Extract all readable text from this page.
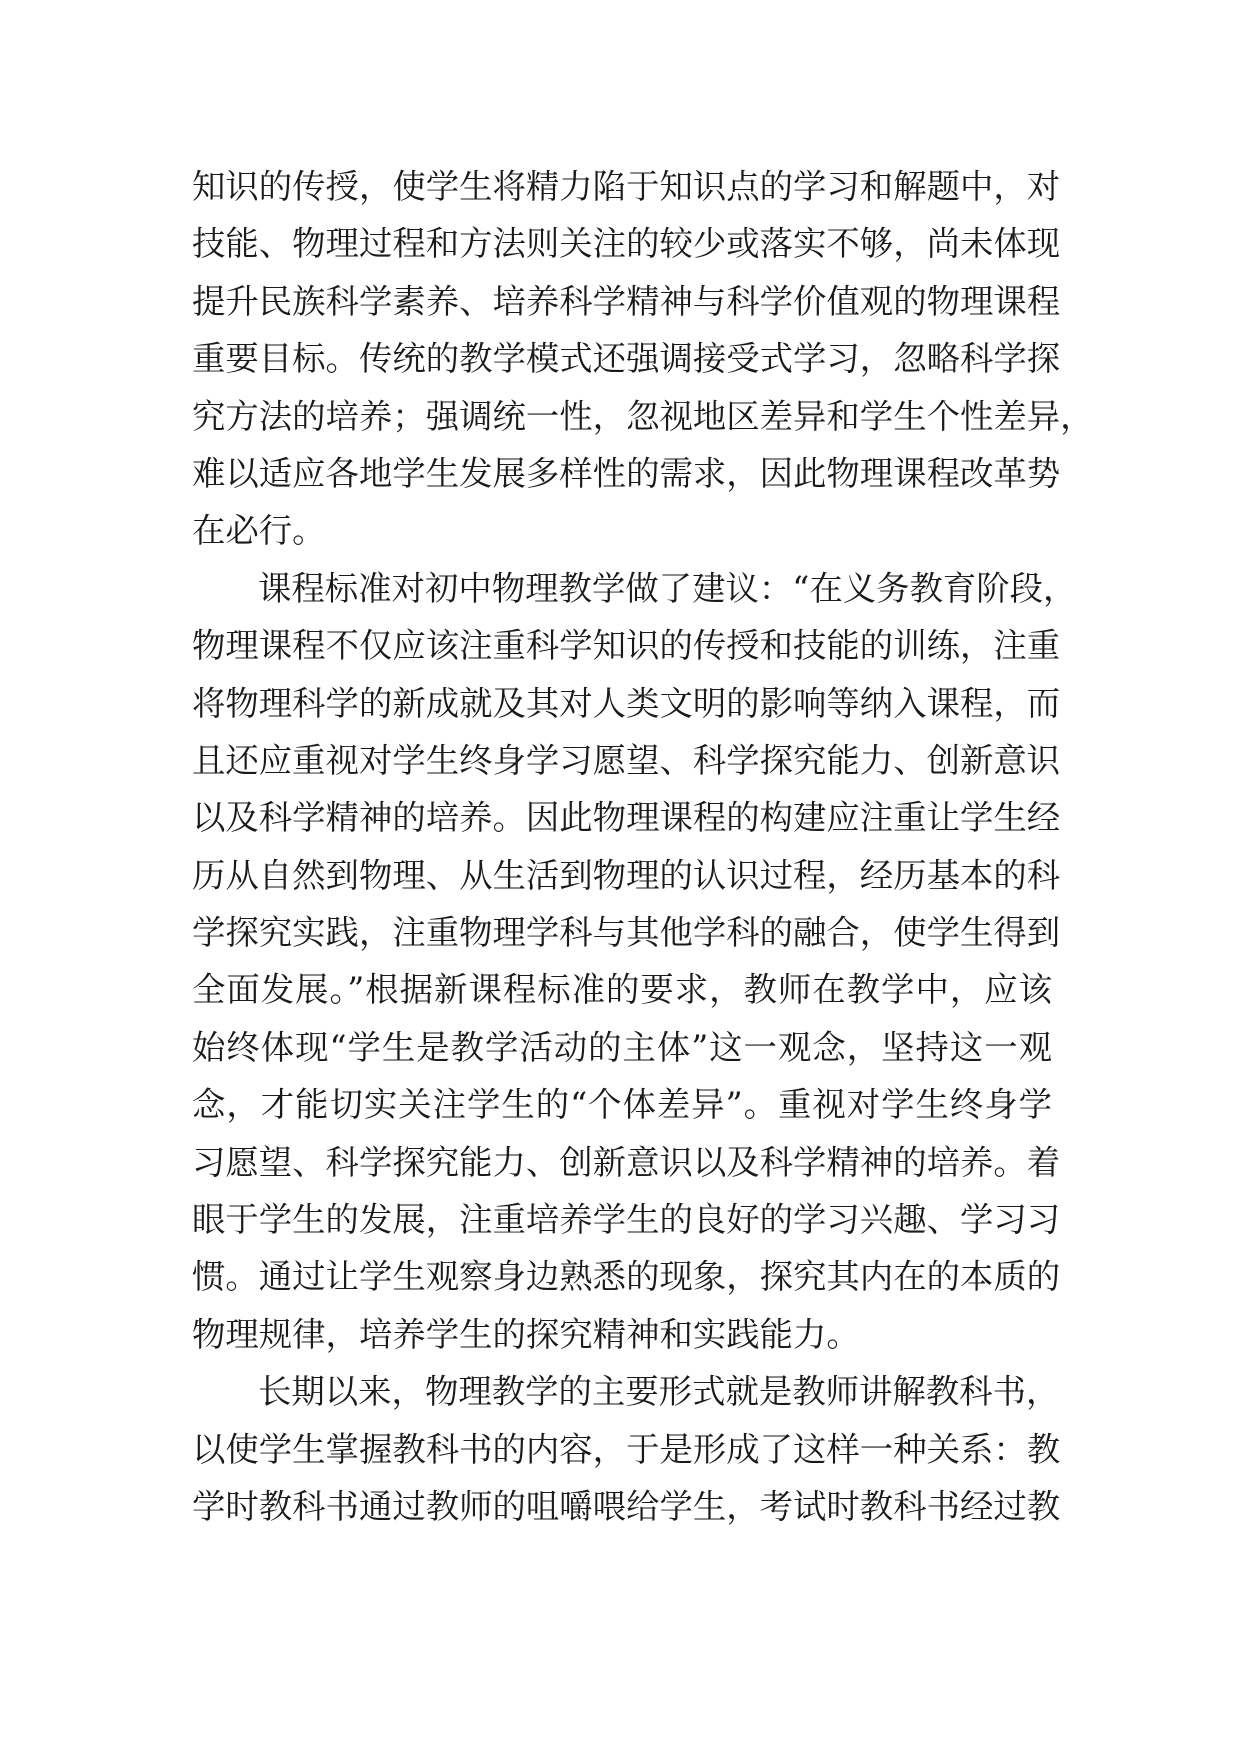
知识的传授，使学生将精力陷于知识点的学习和解题中，对
技能、物理过程和方法则关注的较少或落实不够，尚未体现
提升民族科学素养、培养科学精神与科学价值观的物理课程
重要目标。传统的教学模式还强调接受式学习，忽略科学探
究方法的培养；强调统一性，忽视地区差异和学生个性差异，
难以适应各地学生发展多样性的需求，因此物理课程改革势
在必行。
课程标准对初中物理教学做了建议：“在义务教育阶段，
物理课程不仅应该注重科学知识的传授和技能的训练，注重
将物理科学的新成就及其对人类文明的影响等纳入课程，而
且还应重视对学生终身学习愿望、科学探究能力、创新意识
以及科学精神的培养。因此物理课程的构建应注重让学生经
历从自然到物理、从生活到物理的认识过程，经历基本的科
学探究实践，注重物理学科与其他学科的融合，使学生得到
全面发展。”根据新课程标准的要求，教师在教学中，应该
始终体现“学生是教学活动的主体”这一观念，坚持这一观
念，才能切实关注学生的“个体差异”。重视对学生终身学
习愿望、科学探究能力、创新意识以及科学精神的培养。着
眼于学生的发展，注重培养学生的良好的学习兴趣、学习习
惯。通过让学生观察身边熟悉的现象，探究其内在的本质的
物理规律，培养学生的探究精神和实践能力。
长期以来，物理教学的主要形式就是教师讲解教科书，
以使学生掌握教科书的内容，于是形成了这样一种关系：教
学时教科书通过教师的咀嚼喂给学生，考试时教科书经过教
